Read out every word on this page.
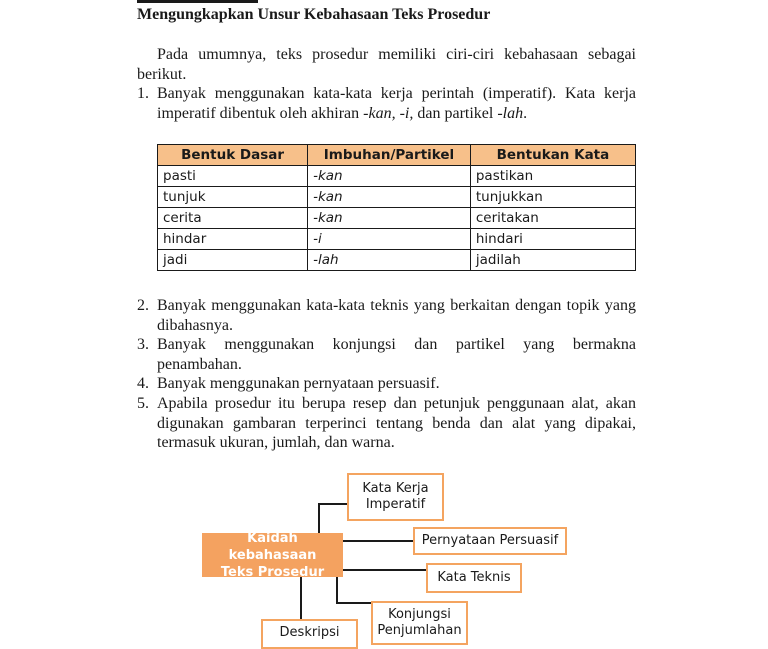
Mengungkapkan Unsur Kebahasaan Teks Prosedur
Pada umumnya, teks prosedur memiliki ciri-ciri kebahasaan sebagai berikut.
1. Banyak menggunakan kata-kata kerja perintah (imperatif). Kata kerja imperatif dibentuk oleh akhiran -kan, -i, dan partikel -lah.
Bentuk Dasar	Imbuhan/Partikel	Bentukan Kata
pasti	-kan	pastikan
tunjuk	-kan	tunjukkan
cerita	-kan	ceritakan
hindar	-i	hindari
jadi	-lah	jadilah
2. Banyak menggunakan kata-kata teknis yang berkaitan dengan topik yang dibahasnya.
3. Banyak menggunakan konjungsi dan partikel yang bermakna penambahan.
4. Banyak menggunakan pernyataan persuasif.
5. Apabila prosedur itu berupa resep dan petunjuk penggunaan alat, akan digunakan gambaran terperinci tentang benda dan alat yang dipakai, termasuk ukuran, jumlah, dan warna.
Kata Kerja
Imperatif
Kaidah kebahasaan
Teks Prosedur
Pernyataan Persuasif
Kata Teknis
Konjungsi
Penjumlahan
Deskripsi
